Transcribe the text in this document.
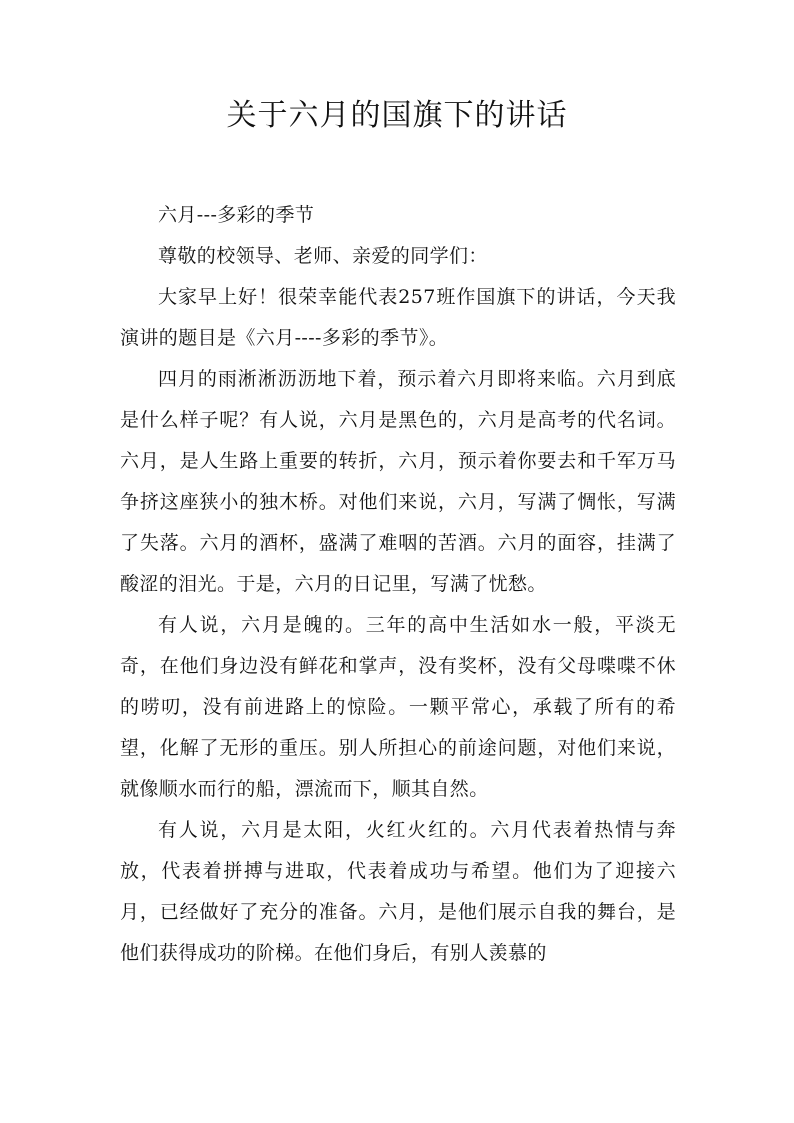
关于六月的国旗下的讲话

六月---多彩的季节

尊敬的校领导、老师、亲爱的同学们：

大家早上好！很荣幸能代表257班作国旗下的讲话，今天我演讲的题目是《六月----多彩的季节》。

四月的雨淅淅沥沥地下着，预示着六月即将来临。六月到底是什么样子呢？有人说，六月是黑色的，六月是高考的代名词。六月，是人生路上重要的转折，六月，预示着你要去和千军万马争挤这座狭小的独木桥。对他们来说，六月，写满了惆怅，写满了失落。六月的酒杯，盛满了难咽的苦酒。六月的面容，挂满了酸涩的泪光。于是，六月的日记里，写满了忧愁。

有人说，六月是魄的。三年的高中生活如水一般，平淡无奇，在他们身边没有鲜花和掌声，没有奖杯，没有父母喋喋不休的唠叨，没有前进路上的惊险。一颗平常心，承载了所有的希望，化解了无形的重压。别人所担心的前途问题，对他们来说，就像顺水而行的船，漂流而下，顺其自然。

有人说，六月是太阳，火红火红的。六月代表着热情与奔放，代表着拼搏与进取，代表着成功与希望。他们为了迎接六月，已经做好了充分的准备。六月，是他们展示自我的舞台，是他们获得成功的阶梯。在他们身后，有别人羡慕的
